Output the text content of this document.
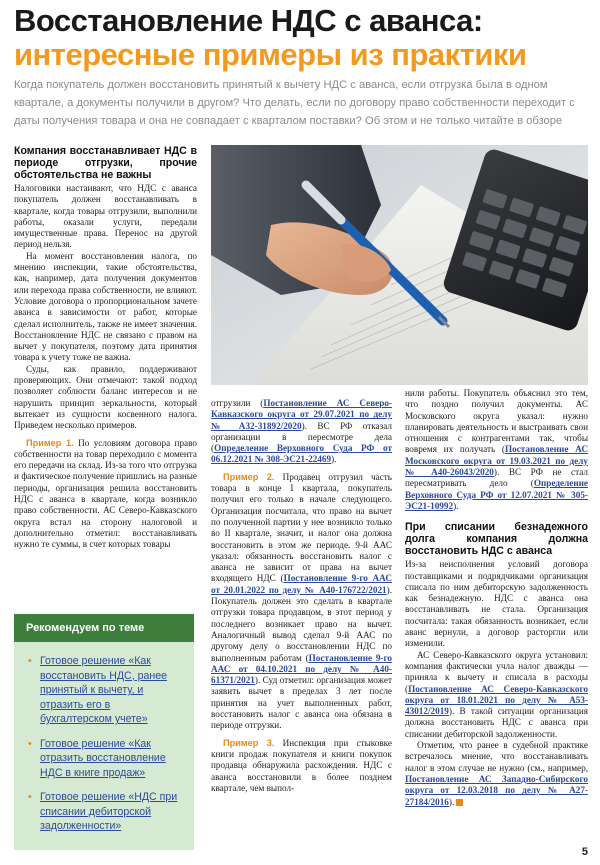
Восстановление НДС с аванса:
интересные примеры из практики
Когда покупатель должен восстановить принятый к вычету НДС с аванса, если отгрузка была в одном квартале, а документы получили в другом? Что делать, если по договору право собственности переходит с даты получения товара и она не совпадает с кварталом поставки? Об этом и не только читайте в обзоре
Компания восстанавливает НДС в периоде отгрузки, прочие обстоятельства не важны

Налоговики настаивают, что НДС с аванса покупатель должен восстанавливать в квартале, когда товары отгрузили, выполнили работы, оказали услуги, передали имущественные права. Перенос на другой период нельзя.

На момент восстановления налога, по мнению инспекции, такие обстоятельства, как, например, дата получения документов или перехода права собственности, не влияют. Условие договора о пропорциональном зачете аванса в зависимости от работ, которые сделал исполнитель, также не имеет значения. Восстановление НДС не связано с правом на вычет у покупателя, поэтому дата принятия товара к учету тоже не важна.

Суды, как правило, поддерживают проверяющих. Они отмечают: такой подход позволяет соблюсти баланс интересов и не нарушить принцип зеркальности, который вытекает из сущности косвенного налога. Приведем несколько примеров.

Пример 1. По условиям договора право собственности на товар переходило с момента его передачи на склад. Из-за того что отгрузка и фактическое получение пришлись на разные периоды, организация решила восстановить НДС с аванса в квартале, когда возникло право собственности. АС Северо-Кавказского округа встал на сторону налоговой и дополнительно отметил: восстанавливать нужно те суммы, в счет которых товары

Рекомендуем по теме
• Готовое решение «Как восстановить НДС, ранее принятый к вычету, и отразить его в бухгалтерском учете»
• Готовое решение «Как отразить восстановление НДС в книге продаж»
• Готовое решение «НДС при списании дебиторской задолженности»

отгрузили (Постановление АС Северо-Кавказского округа от 29.07.2021 по делу № А32-31892/2020). ВС РФ отказал организации в пересмотре дела (Определение Верховного Суда РФ от 06.12.2021 № 308-ЭС21-22469).

Пример 2. Продавец отгрузил часть товара в конце I квартала, покупатель получил его только в начале следующего. Организация посчитала, что право на вычет по полученной партии у нее возникло только во II квартале, значит, и налог она должна восстановить в этом же периоде. 9-й ААС указал: обязанность восстановить налог с аванса не зависит от права на вычет входящего НДС (Постановление 9-го ААС от 20.01.2022 по делу № А40-176722/2021). Покупатель должен это сделать в квартале отгрузки товара продавцом, в этот период у последнего возникает право на вычет. Аналогичный вывод сделал 9-й ААС по другому делу о восстановлении НДС по выполненным работам (Постановление 9-го ААС от 04.10.2021 по делу № А40-61371/2021). Суд отметил: организация может заявить вычет в пределах 3 лет после принятия на учет выполненных работ, восстановить налог с аванса она обязана в периоде отгрузки.

Пример 3. Инспекция при стыковке книги продаж покупателя и книги покупок продавца обнаружила расхождения. НДС с аванса восстановили в более позднем квартале, чем выпол-

нили работы. Покупатель объяснил это тем, что поздно получил документы. АС Московского округа указал: нужно планировать деятельность и выстраивать свои отношения с контрагентами так, чтобы вовремя их получать (Постановление АС Московского округа от 19.03.2021 по делу № А40-26043/2020). ВС РФ не стал пересматривать дело (Определение Верховного Суда РФ от 12.07.2021 № 305-ЭС21-10992).

При списании безнадежного долга компания должна восстановить НДС с аванса

Из-за неисполнения условий договора поставщиками и подрядчиками организация списала по ним дебиторскую задолженность как безнадежную. НДС с аванса она восстанавливать не стала. Организация посчитала: такая обязанность возникает, если аванс вернули, а договор расторгли или изменили.

АС Северо-Кавказского округа установил: компания фактически учла налог дважды — приняла к вычету и списала в расходы (Постановление АС Северо-Кавказского округа от 18.01.2021 по делу № А53-43012/2019). В такой ситуации организация должна восстановить НДС с аванса при списании дебиторской задолженности.

Отметим, что ранее в судебной практике встречалось мнение, что восстанавливать налог в этом случае не нужно (см., например, Постановление АС Западно-Сибирского округа от 12.03.2018 по делу № А27-27184/2016).

5
